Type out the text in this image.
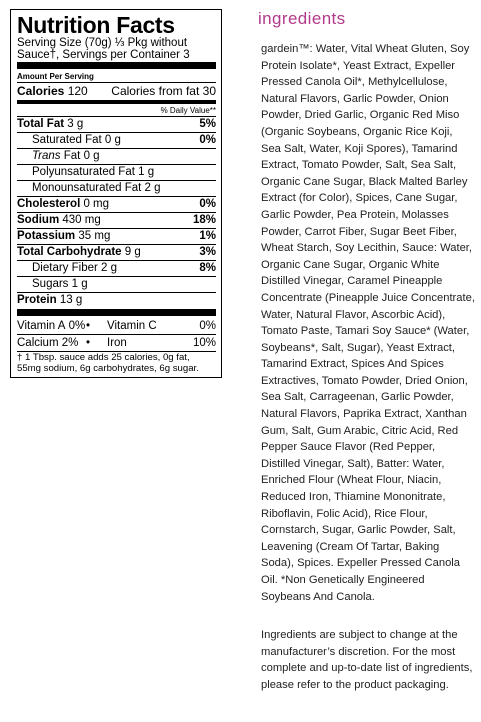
Nutrition Facts
Serving Size (70g) ⅓ Pkg without
Sauce†, Servings per Container 3
Amount Per Serving
Calories 120 Calories from fat 30
% Daily Value**
Total Fat 3 g	5%
Saturated Fat 0 g	0%
Trans Fat 0 g
Polyunsaturated Fat 1 g
Monounsaturated Fat 2 g
Cholesterol 0 mg	0%
Sodium 430 mg	18%
Potassium 35 mg	1%
Total Carbohydrate 9 g	3%
Dietary Fiber 2 g	8%
Sugars 1 g
Protein 13 g
Vitamin A 0% •	Vitamin C	0%
Calcium 2% •	Iron	10%
† 1 Tbsp. sauce adds 25 calories, 0g fat, 55mg sodium, 6g carbohydrates, 6g sugar.
ingredients
gardein™: Water, Vital Wheat Gluten, Soy Protein Isolate*, Yeast Extract, Expeller Pressed Canola Oil*, Methylcellulose, Natural Flavors, Garlic Powder, Onion Powder, Dried Garlic, Organic Red Miso (Organic Soybeans, Organic Rice Koji, Sea Salt, Water, Koji Spores), Tamarind Extract, Tomato Powder, Salt, Sea Salt, Organic Cane Sugar, Black Malted Barley Extract (for Color), Spices, Cane Sugar, Garlic Powder, Pea Protein, Molasses Powder, Carrot Fiber, Sugar Beet Fiber, Wheat Starch, Soy Lecithin, Sauce: Water, Organic Cane Sugar, Organic White Distilled Vinegar, Caramel Pineapple Concentrate (Pineapple Juice Concentrate, Water, Natural Flavor, Ascorbic Acid), Tomato Paste, Tamari Soy Sauce* (Water, Soybeans*, Salt, Sugar), Yeast Extract, Tamarind Extract, Spices And Spices Extractives, Tomato Powder, Dried Onion, Sea Salt, Carrageenan, Garlic Powder, Natural Flavors, Paprika Extract, Xanthan Gum, Salt, Gum Arabic, Citric Acid, Red Pepper Sauce Flavor (Red Pepper, Distilled Vinegar, Salt), Batter: Water, Enriched Flour (Wheat Flour, Niacin, Reduced Iron, Thiamine Mononitrate, Riboflavin, Folic Acid), Rice Flour, Cornstarch, Sugar, Garlic Powder, Salt, Leavening (Cream Of Tartar, Baking Soda), Spices. Expeller Pressed Canola Oil. *Non Genetically Engineered Soybeans And Canola.
Ingredients are subject to change at the manufacturer’s discretion. For the most complete and up-to-date list of ingredients, please refer to the product packaging.
